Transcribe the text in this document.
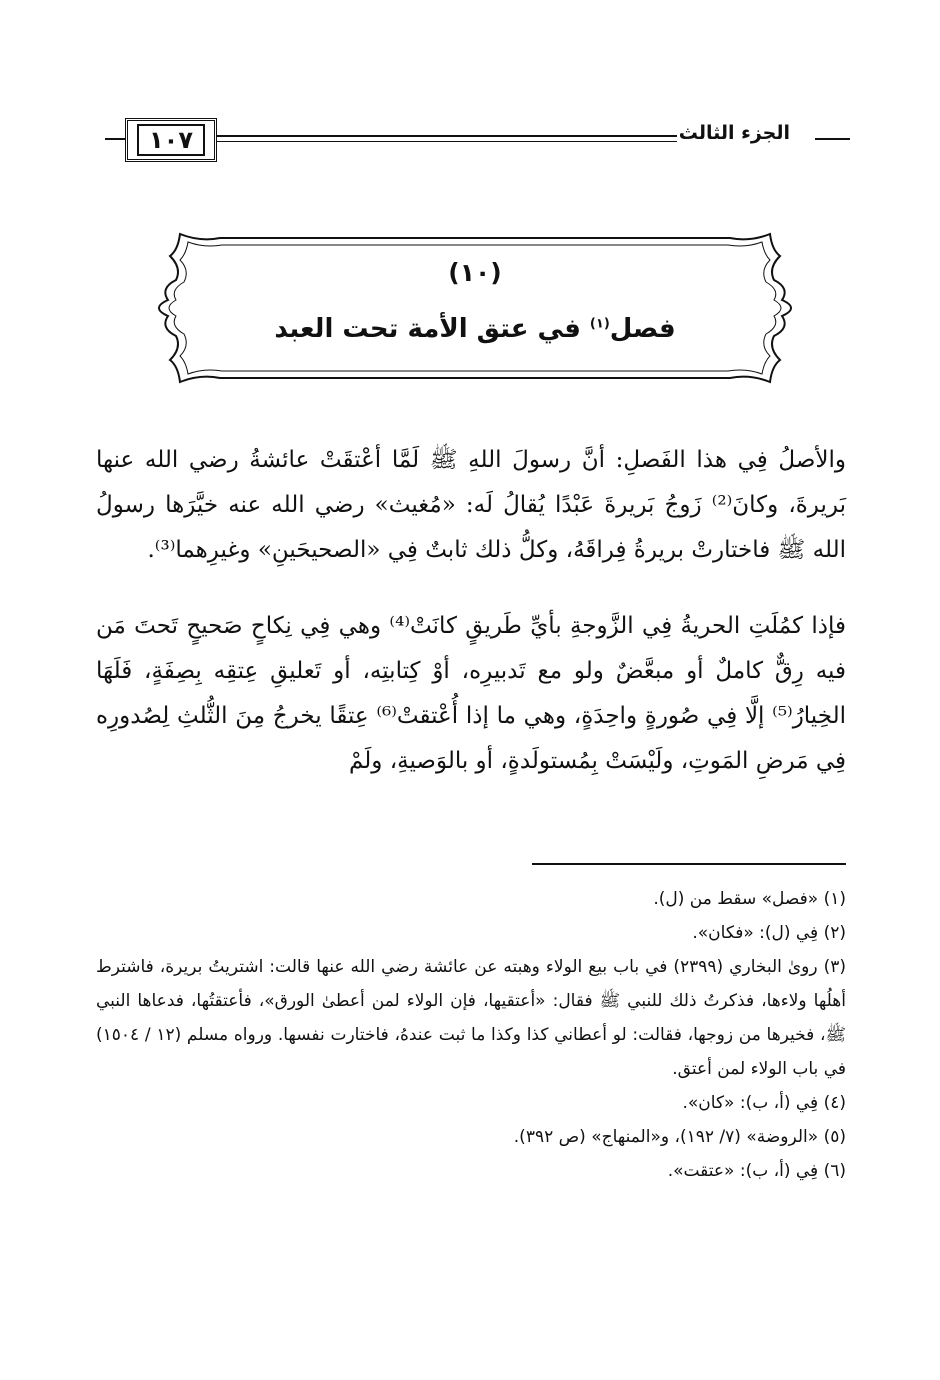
١٠٧	الجزء الثالث
(١٠)
فصل$^{(١)}$ في عتق الأمة تحت العبد

والأصلُ فِي هذا الفَصلِ: أنَّ رسولَ اللهِ ﷺ لَمَّا أعْتقَتْ عائشةُ رضي الله عنها بَريرةَ، وكانَ⁽²⁾ زَوجُ بَريرةَ عَبْدًا يُقالُ لَه: «مُغيث» رضي الله عنه خيَّرَها رسولُ الله ﷺ فاختارتْ بريرةُ فِراقَهُ، وكلُّ ذلك ثابتٌ فِي «الصحيحَينِ» وغيرِهما⁽³⁾.

فإذا كمُلَتِ الحريةُ فِي الزَّوجةِ بأيِّ طَريقٍ كانَتْ⁽⁴⁾ وهي فِي نِكاحٍ صَحيحٍ تَحتَ مَن فيه رِقٌّ كاملٌ أو مبعَّضٌ ولو مع تَدبيرِه، أوْ كِتابتِه، أو تَعليقِ عِتقِه بِصِفَةٍ، فَلَهَا الخِيارُ⁽⁵⁾ إلَّا فِي صُورةٍ واحِدَةٍ، وهي ما إذا أُعْتقتْ⁽⁶⁾ عِتقًا يخرجُ مِنَ الثُّلثِ لِصُدورِه فِي مَرضِ المَوتِ، ولَيْسَتْ بِمُستولَدةٍ، أو بالوَصيةِ، ولَمْ

(١) «فصل» سقط من (ل).

(٢) فِي (ل): «فكان».

(٣) روىٰ البخاري (٢٣٩٩) في باب بيع الولاء وهبته عن عائشة رضي الله عنها قالت: اشتريتُ بريرة، فاشترط أهلُها ولاءها، فذكرتُ ذلك للنبي ﷺ فقال: «أعتقيها، فإن الولاء لمن أعطىٰ الورق»، فأعتقتُها، فدعاها النبي ﷺ، فخيرها من زوجها، فقالت: لو أعطاني كذا وكذا ما ثبت عندهُ، فاختارت نفسها. ورواه مسلم (١٢ / ١٥٠٤) في باب الولاء لمن أعتق.

(٤) فِي (أ، ب): «كان».

(٥) «الروضة» (٧/ ١٩٢)، و«المنهاج» (ص ٣٩٢).

(٦) فِي (أ، ب): «عتقت».
